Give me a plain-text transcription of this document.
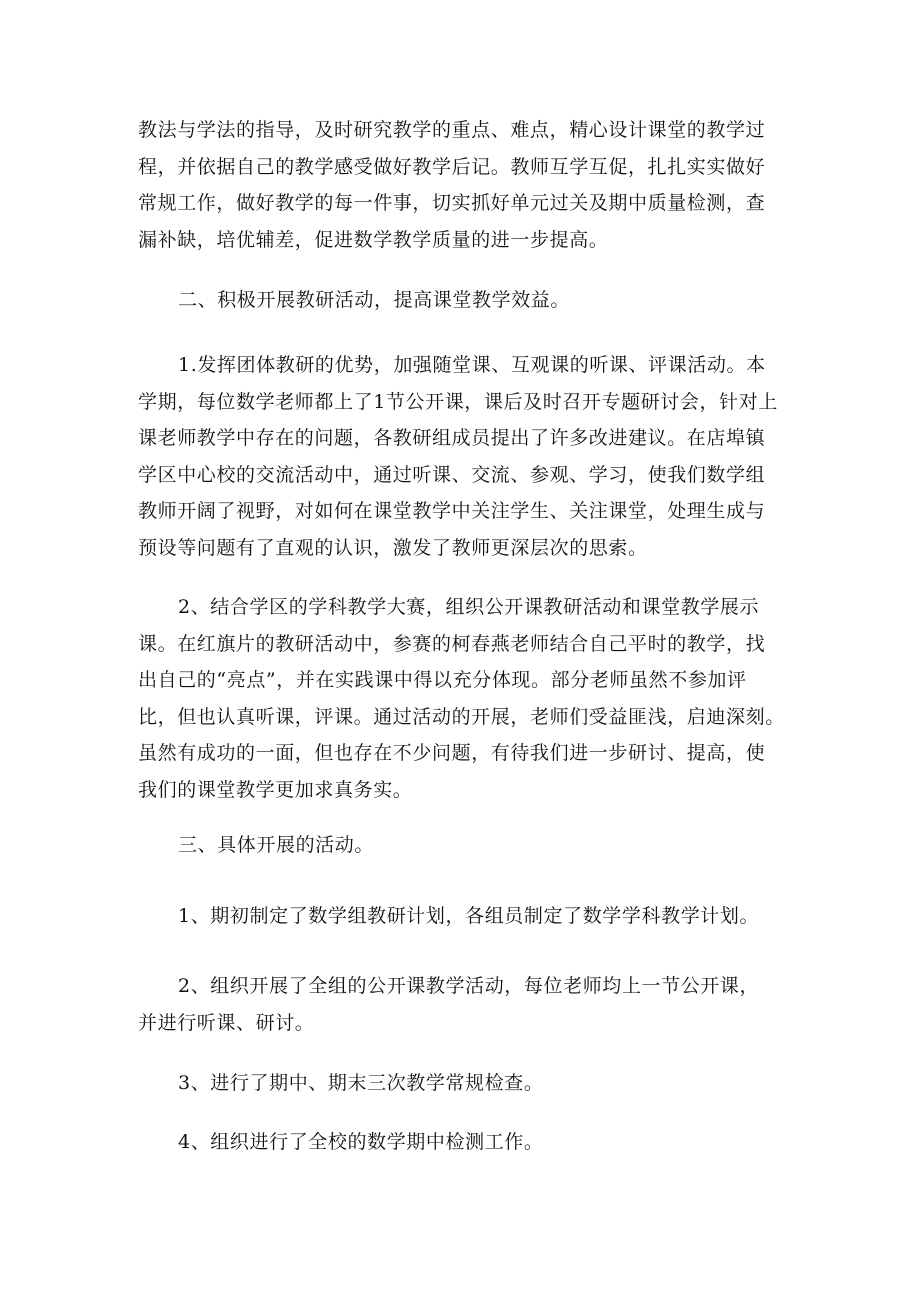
教法与学法的指导，及时研究教学的重点、难点，精心设计课堂的教学过
程，并依据自己的教学感受做好教学后记。教师互学互促，扎扎实实做好
常规工作，做好教学的每一件事，切实抓好单元过关及期中质量检测，查
漏补缺，培优辅差，促进数学教学质量的进一步提高。
二、积极开展教研活动，提高课堂教学效益。
1.发挥团体教研的优势，加强随堂课、互观课的听课、评课活动。本
学期，每位数学老师都上了1节公开课，课后及时召开专题研讨会，针对上
课老师教学中存在的问题，各教研组成员提出了许多改进建议。在店埠镇
学区中心校的交流活动中，通过听课、交流、参观、学习，使我们数学组
教师开阔了视野，对如何在课堂教学中关注学生、关注课堂，处理生成与
预设等问题有了直观的认识，激发了教师更深层次的思索。
2、结合学区的学科教学大赛，组织公开课教研活动和课堂教学展示
课。在红旗片的教研活动中，参赛的柯春燕老师结合自己平时的教学，找
出自己的“亮点”，并在实践课中得以充分体现。部分老师虽然不参加评
比，但也认真听课，评课。通过活动的开展，老师们受益匪浅，启迪深刻。
虽然有成功的一面，但也存在不少问题，有待我们进一步研讨、提高，使
我们的课堂教学更加求真务实。
三、具体开展的活动。
1、期初制定了数学组教研计划，各组员制定了数学学科教学计划。
2、组织开展了全组的公开课教学活动，每位老师均上一节公开课，
并进行听课、研讨。
3、进行了期中、期末三次教学常规检查。
4、组织进行了全校的数学期中检测工作。
